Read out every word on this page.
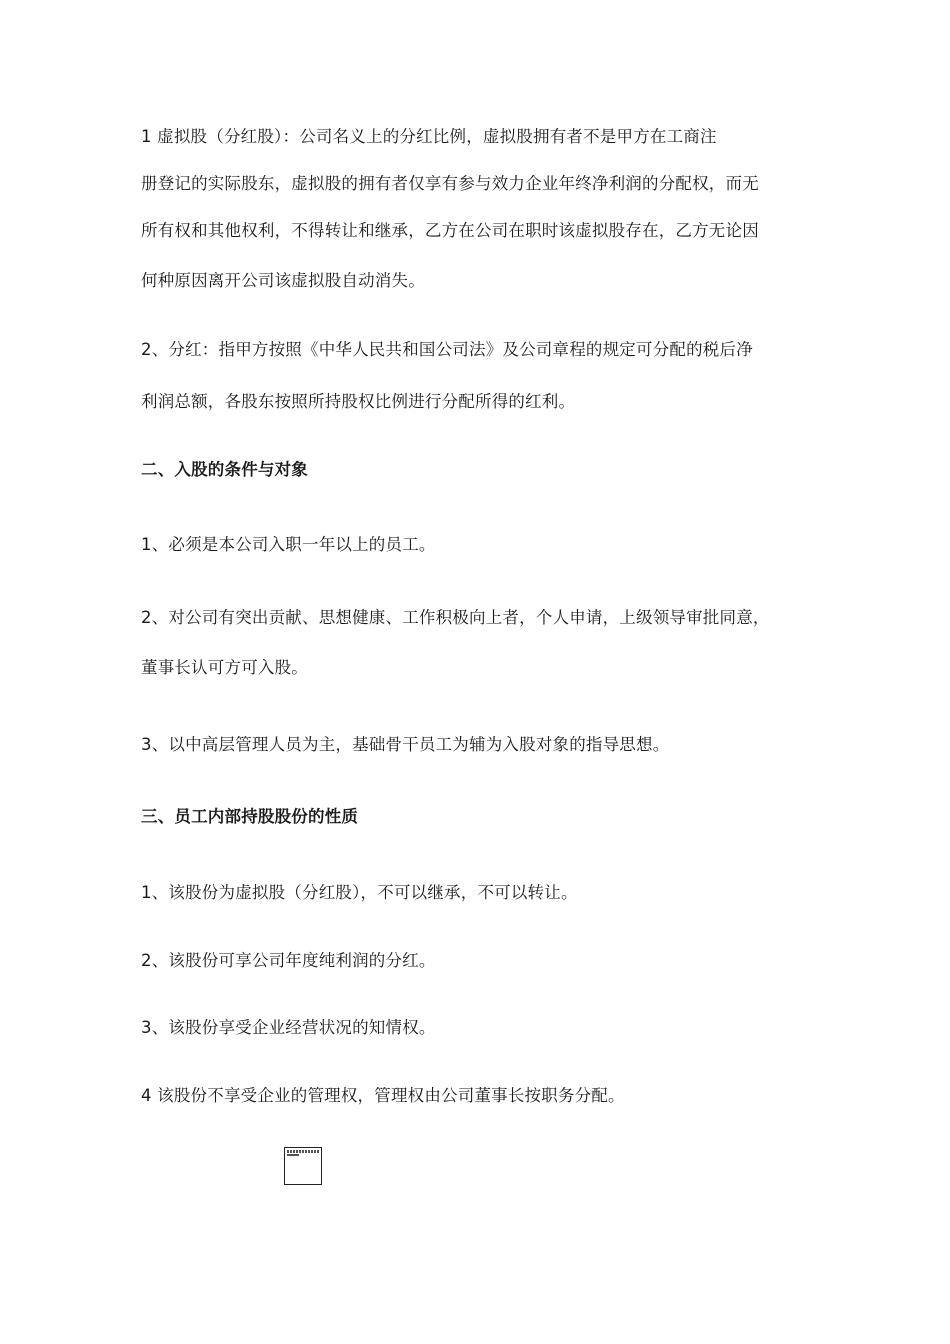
1 虚拟股（分红股）：公司名义上的分红比例，虚拟股拥有者不是甲方在工商注
册登记的实际股东，虚拟股的拥有者仅享有参与效力企业年终净利润的分配权，而无
所有权和其他权利，不得转让和继承，乙方在公司在职时该虚拟股存在，乙方无论因
何种原因离开公司该虚拟股自动消失。
2、分红：指甲方按照《中华人民共和国公司法》及公司章程的规定可分配的税后净
利润总额，各股东按照所持股权比例进行分配所得的红利。
二、入股的条件与对象
1、必须是本公司入职一年以上的员工。
2、对公司有突出贡献、思想健康、工作积极向上者，个人申请，上级领导审批同意，
董事长认可方可入股。
3、以中高层管理人员为主，基础骨干员工为辅为入股对象的指导思想。
三、员工内部持股股份的性质
1、该股份为虚拟股（分红股），不可以继承，不可以转让。
2、该股份可享公司年度纯利润的分红。
3、该股份享受企业经营状况的知情权。
4 该股份不享受企业的管理权，管理权由公司董事长按职务分配。
